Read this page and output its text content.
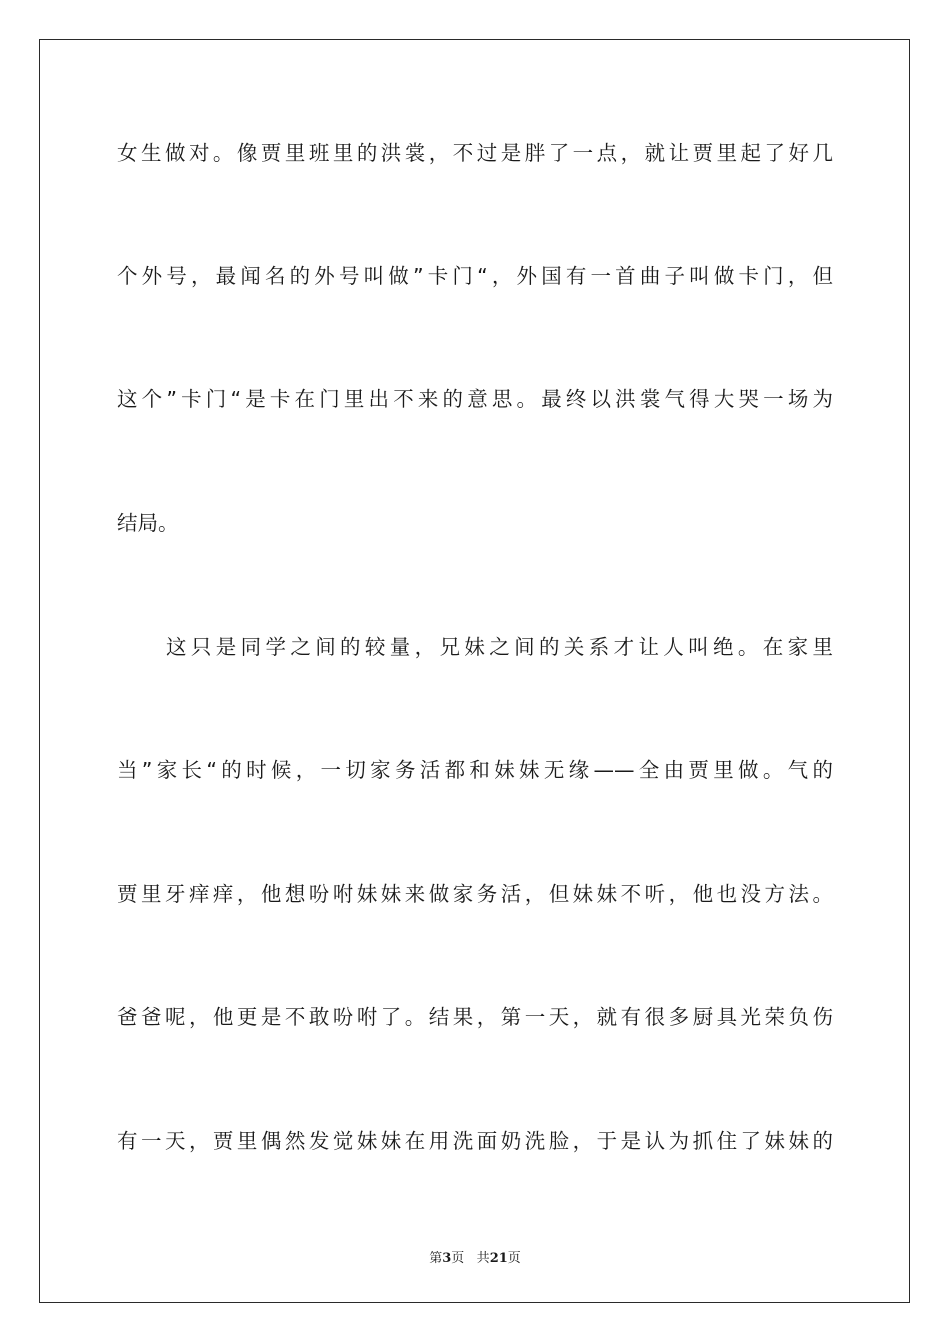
女生做对。像贾里班里的洪裳，不过是胖了一点，就让贾里起了好几
个外号，最闻名的外号叫做”卡门“，外国有一首曲子叫做卡门，但
这个”卡门“是卡在门里出不来的意思。最终以洪裳气得大哭一场为
结局。
这只是同学之间的较量，兄妹之间的关系才让人叫绝。在家里
当”家长“的时候，一切家务活都和妹妹无缘——全由贾里做。气的
贾里牙痒痒，他想吩咐妹妹来做家务活，但妹妹不听，他也没方法。
爸爸呢，他更是不敢吩咐了。结果，第一天，就有很多厨具光荣负伤
有一天，贾里偶然发觉妹妹在用洗面奶洗脸，于是认为抓住了妹妹的
第3页 共21页
